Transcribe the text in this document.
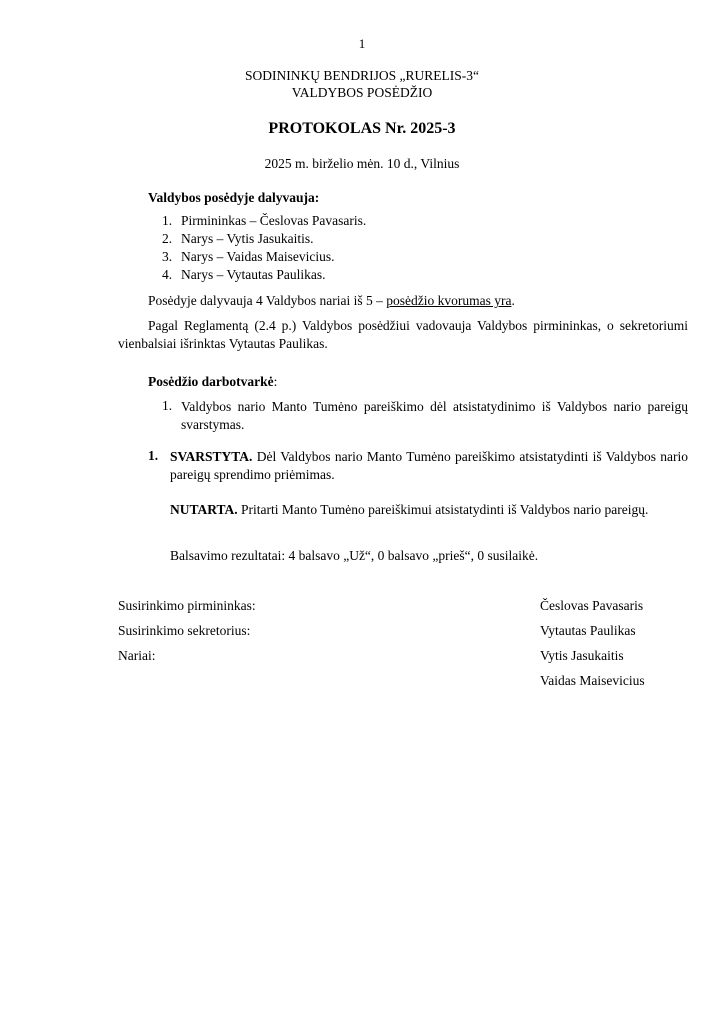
1
SODININKŲ BENDRIJOS „RURELIS-3“
VALDYBOS POSĖDŽIO
PROTOKOLAS Nr. 2025-3
2025 m. birželio mėn. 10 d., Vilnius
Valdybos posėdyje dalyvauja:
1. Pirmininkas – Česlovas Pavasaris.
2. Narys – Vytis Jasukaitis.
3. Narys – Vaidas Maisevicius.
4. Narys – Vytautas Paulikas.
Posėdyje dalyvauja 4 Valdybos nariai iš 5 – posėdžio kvorumas yra.
Pagal Reglamentą (2.4 p.) Valdybos posėdžiui vadovauja Valdybos pirmininkas, o sekretoriumi vienbalsiai išrinktas Vytautas Paulikas.
Posėdžio darbotvarkė:
1. Valdybos nario Manto Tumėno pareiškimo dėl atsistatydinimo iš Valdybos nario pareigų svarstymas.
1. SVARSTYTA. Dėl Valdybos nario Manto Tumėno pareiškimo atsistatydinti iš Valdybos nario pareigų sprendimo priėmimas.
NUTARTA. Pritarti Manto Tumėno pareiškimui atsistatydinti iš Valdybos nario pareigų.
Balsavimo rezultatai: 4 balsavo „Už“, 0 balsavo „prieš“, 0 susilaikė.
Susirinkimo pirmininkas:
Susirinkimo sekretorius:
Nariai:
Česlovas Pavasaris
Vytautas Paulikas
Vytis Jasukaitis
Vaidas Maisevicius
